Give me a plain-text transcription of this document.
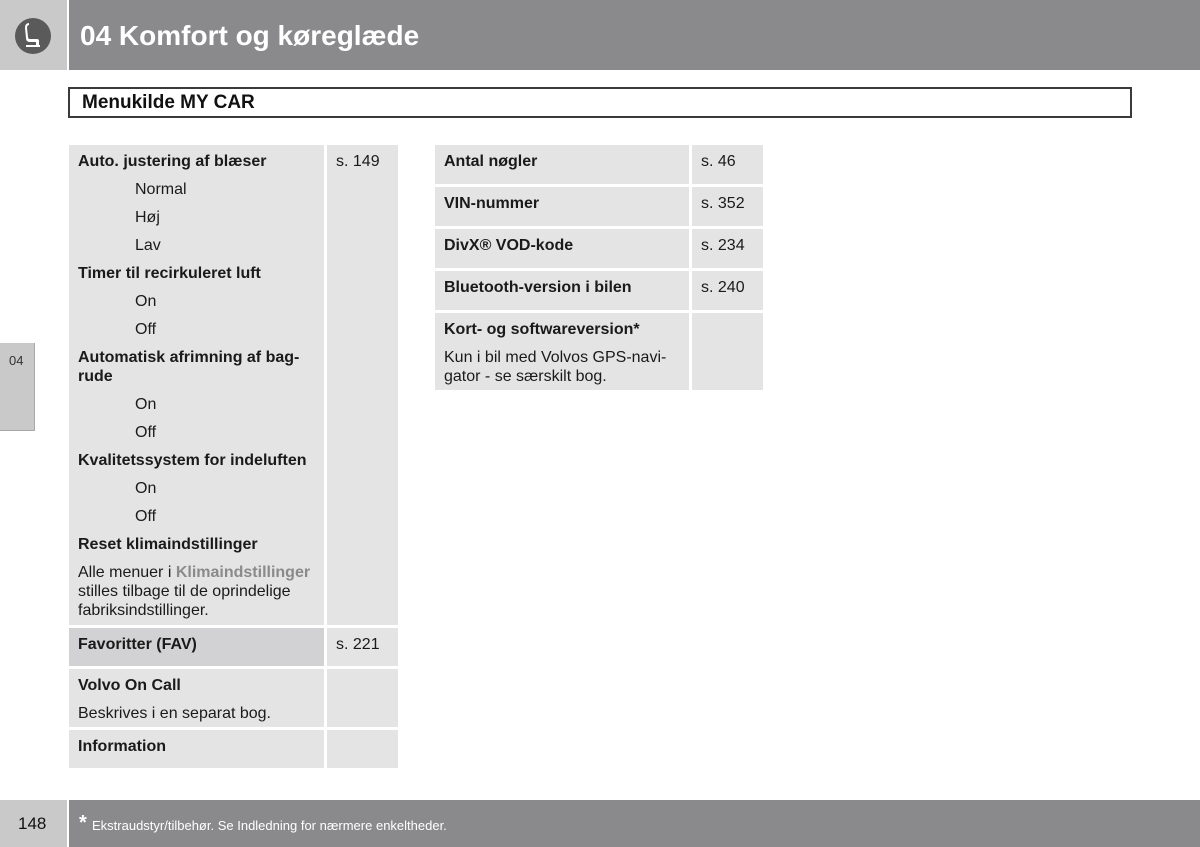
04 Komfort og køreglæde
Menukilde MY CAR
04
Auto. justering af blæser	s. 149
Normal
Høj
Lav
Timer til recirkuleret luft
On
Off
Automatisk afrimning af bag-
rude
On
Off
Kvalitetssystem for indeluften
On
Off
Reset klimaindstillinger
Alle menuer i Klimaindstillinger
stilles tilbage til de oprindelige
fabriksindstillinger.
Favoritter (FAV)	s. 221
Volvo On Call
Beskrives i en separat bog.
Information
Antal nøgler	s. 46
VIN-nummer	s. 352
DivX® VOD-kode	s. 234
Bluetooth-version i bilen	s. 240
Kort- og softwareversion*
Kun i bil med Volvos GPS-navi-
gator - se særskilt bog.
148 * Ekstraudstyr/tilbehør. Se Indledning for nærmere enkeltheder.
